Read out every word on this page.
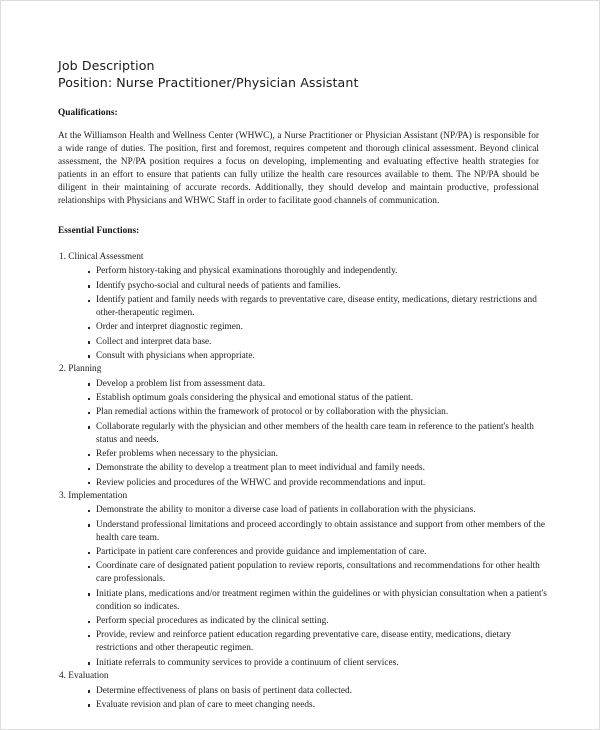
Job Description
Position: Nurse Practitioner/Physician Assistant
Qualifications:
At the Williamson Health and Wellness Center (WHWC), a Nurse Practitioner or Physician Assistant (NP/PA) is responsible for a wide range of duties. The position, first and foremost, requires competent and thorough clinical assessment. Beyond clinical assessment, the NP/PA position requires a focus on developing, implementing and evaluating effective health strategies for patients in an effort to ensure that patients can fully utilize the health care resources available to them. The NP/PA should be diligent in their maintaining of accurate records. Additionally, they should develop and maintain productive, professional relationships with Physicians and WHWC Staff in order to facilitate good channels of communication.
Essential Functions:
1. Clinical Assessment
Perform history-taking and physical examinations thoroughly and independently.
Identify psycho-social and cultural needs of patients and families.
Identify patient and family needs with regards to preventative care, disease entity, medications, dietary restrictions and other-therapeutic regimen.
Order and interpret diagnostic regimen.
Collect and interpret data base.
Consult with physicians when appropriate.
2. Planning
Develop a problem list from assessment data.
Establish optimum goals considering the physical and emotional status of the patient.
Plan remedial actions within the framework of protocol or by collaboration with the physician.
Collaborate regularly with the physician and other members of the health care team in reference to the patient's health status and needs.
Refer problems when necessary to the physician.
Demonstrate the ability to develop a treatment plan to meet individual and family needs.
Review policies and procedures of the WHWC and provide recommendations and input.
3. Implementation
Demonstrate the ability to monitor a diverse case load of patients in collaboration with the physicians.
Understand professional limitations and proceed accordingly to obtain assistance and support from other members of the health care team.
Participate in patient care conferences and provide guidance and implementation of care.
Coordinate care of designated patient population to review reports, consultations and recommendations for other health care professionals.
Initiate plans, medications and/or treatment regimen within the guidelines or with physician consultation when a patient's condition so indicates.
Perform special procedures as indicated by the clinical setting.
Provide, review and reinforce patient education regarding preventative care, disease entity, medications, dietary restrictions and other therapeutic regimen.
Initiate referrals to community services to provide a continuum of client services.
4. Evaluation
Determine effectiveness of plans on basis of pertinent data collected.
Evaluate revision and plan of care to meet changing needs.
